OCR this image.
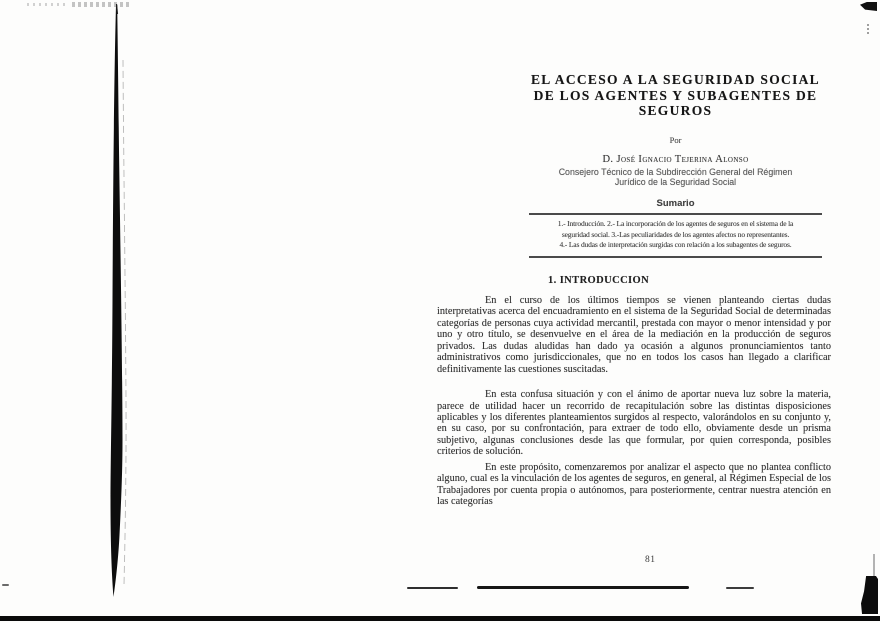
EL ACCESO A LA SEGURIDAD SOCIAL
DE LOS AGENTES Y SUBAGENTES DE
SEGUROS
Por
D. José Ignacio Tejerina Alonso
Consejero Técnico de la Subdirección General del Régimen
Jurídico de la Seguridad Social
Sumario
1.- Introducción. 2.- La incorporación de los agentes de seguros en el sistema de la
seguridad social. 3.-Las peculiaridades de los agentes afectos no representantes.
4.- Las dudas de interpretación surgidas con relación a los subagentes de seguros.
1. INTRODUCCION

En el curso de los últimos tiempos se vienen planteando ciertas dudas interpretativas acerca del encuadramiento en el sistema de la Seguridad Social de determinadas categorías de personas cuya actividad mercantil, prestada con mayor o menor intensidad y por uno y otro título, se desenvuelve en el área de la mediación en la producción de seguros privados. Las dudas aludidas han dado ya ocasión a algunos pronunciamientos tanto administrativos como jurisdiccionales, que no en todos los casos han llegado a clarificar definitivamente las cuestiones suscitadas.

En esta confusa situación y con el ánimo de aportar nueva luz sobre la materia, parece de utilidad hacer un recorrido de recapitulación sobre las distintas disposiciones aplicables y los diferentes planteamientos surgidos al respecto, valorándolos en su conjunto y, en su caso, por su confrontación, para extraer de todo ello, obviamente desde un prisma subjetivo, algunas conclusiones desde las que formular, por quien corresponda, posibles criterios de solución.

En este propósito, comenzaremos por analizar el aspecto que no plantea conflicto alguno, cual es la vinculación de los agentes de seguros, en general, al Régimen Especial de los Trabajadores por cuenta propia o autónomos, para posteriormente, centrar nuestra atención en las categorías

81
